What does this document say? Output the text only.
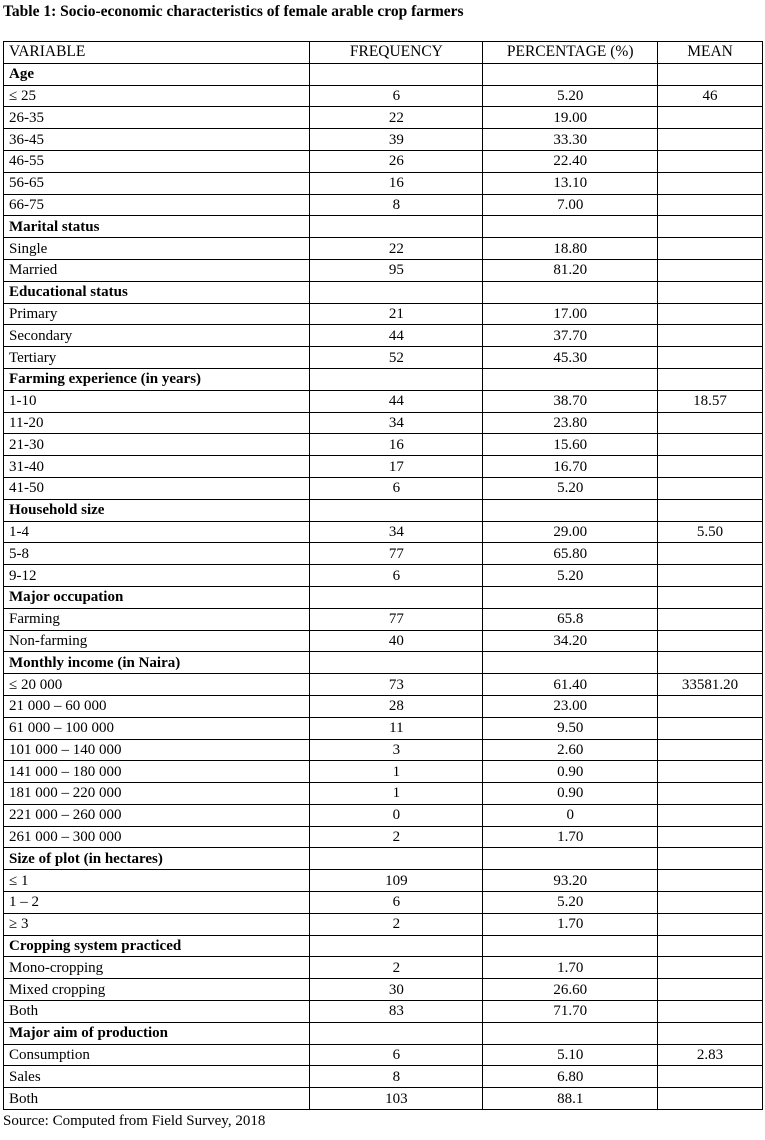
Table 1: Socio-economic characteristics of female arable crop farmers
VARIABLE	FREQUENCY	PERCENTAGE (%)	MEAN
Age			
≤ 25	6	5.20	46
26-35	22	19.00	
36-45	39	33.30	
46-55	26	22.40	
56-65	16	13.10	
66-75	8	7.00	
Marital status			
Single	22	18.80	
Married	95	81.20	
Educational status			
Primary	21	17.00	
Secondary	44	37.70	
Tertiary	52	45.30	
Farming experience (in years)			
1-10	44	38.70	18.57
11-20	34	23.80	
21-30	16	15.60	
31-40	17	16.70	
41-50	6	5.20	
Household size			
1-4	34	29.00	5.50
5-8	77	65.80	
9-12	6	5.20	
Major occupation			
Farming	77	65.8	
Non-farming	40	34.20	
Monthly income (in Naira)			
≤ 20 000	73	61.40	33581.20
21 000 – 60 000	28	23.00	
61 000 – 100 000	11	9.50	
101 000 – 140 000	3	2.60	
141 000 – 180 000	1	0.90	
181 000 – 220 000	1	0.90	
221 000 – 260 000	0	0	
261 000 – 300 000	2	1.70	
Size of plot (in hectares)			
≤ 1	109	93.20	
1 – 2	6	5.20	
≥ 3	2	1.70	
Cropping system practiced			
Mono-cropping	2	1.70	
Mixed cropping	30	26.60	
Both	83	71.70	
Major aim of production			
Consumption	6	5.10	2.83
Sales	8	6.80	
Both	103	88.1	
Source: Computed from Field Survey, 2018
